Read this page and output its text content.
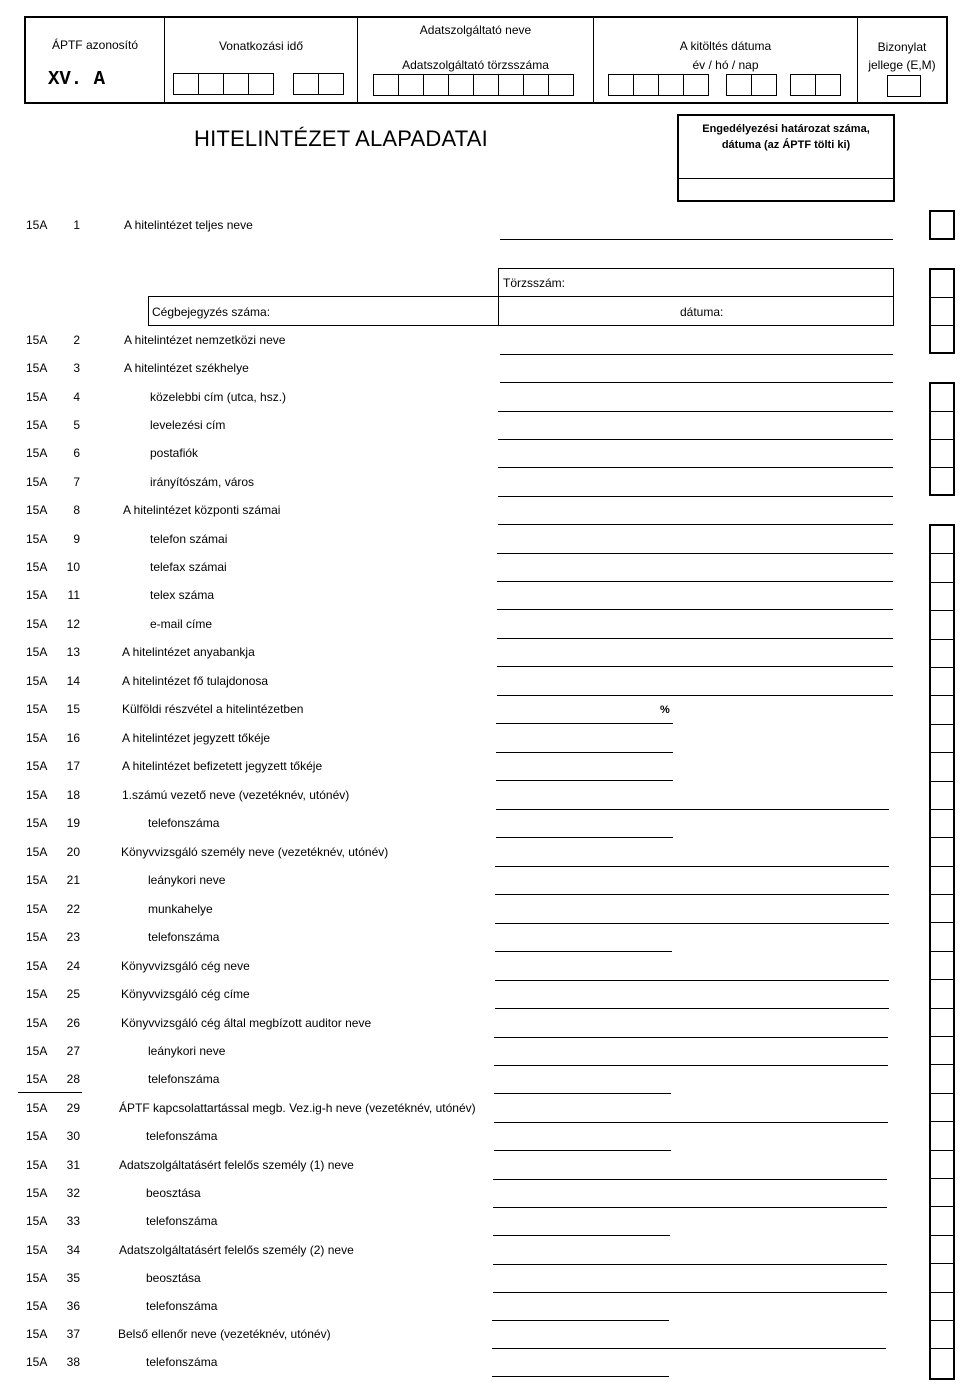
ÁPTF azonosító
XV. A
Vonatkozási idő
Adatszolgáltató neve
Adatszolgáltató törzsszáma
A kitöltés dátuma
év / hó / nap
Bizonylat
jellege (E,M)
HITELINTÉZET ALAPADATAI	Engedélyezési határozat száma,
dátuma (az ÁPTF tölti ki)
Törzsszám:
Cégbejegyzés száma:	dátuma:
15A	1	A hitelintézet teljes neve
15A	2	A hitelintézet nemzetközi neve
15A	3	A hitelintézet székhelye
15A	4	közelebbi cím (utca, hsz.)
15A	5	levelezési cím
15A	6	postafiók
15A	7	irányítószám, város
15A	8	A hitelintézet központi számai
15A	9	telefon számai
15A	10	telefax számai
15A	11	telex száma
15A	12	e-mail címe
15A	13	A hitelintézet anyabankja
15A	14	A hitelintézet fő tulajdonosa
15A	15	Külföldi részvétel a hitelintézetben
15A	16	A hitelintézet jegyzett tőkéje
15A	17	A hitelintézet befizetett jegyzett tőkéje
15A	18	1.számú vezető neve (vezetéknév, utónév)
15A	19	telefonszáma
15A	20	Könyvvizsgáló személy neve (vezetéknév, utónév)
15A	21	leánykori neve
15A	22	munkahelye
15A	23	telefonszáma
15A	24	Könyvvizsgáló cég neve
15A	25	Könyvvizsgáló cég címe
15A	26	Könyvvizsgáló cég által megbízott auditor neve
15A	27	leánykori neve
15A	28	telefonszáma
15A	29	ÁPTF kapcsolattartással megb. Vez.ig-h neve (vezetéknév, utónév)
15A	30	telefonszáma
15A	31	Adatszolgáltatásért felelős személy (1) neve
15A	32	beosztása
15A	33	telefonszáma
15A	34	Adatszolgáltatásért felelős személy (2) neve
15A	35	beosztása
15A	36	telefonszáma
15A	37	Belső ellenőr neve (vezetéknév, utónév)
15A	38	telefonszáma
%
